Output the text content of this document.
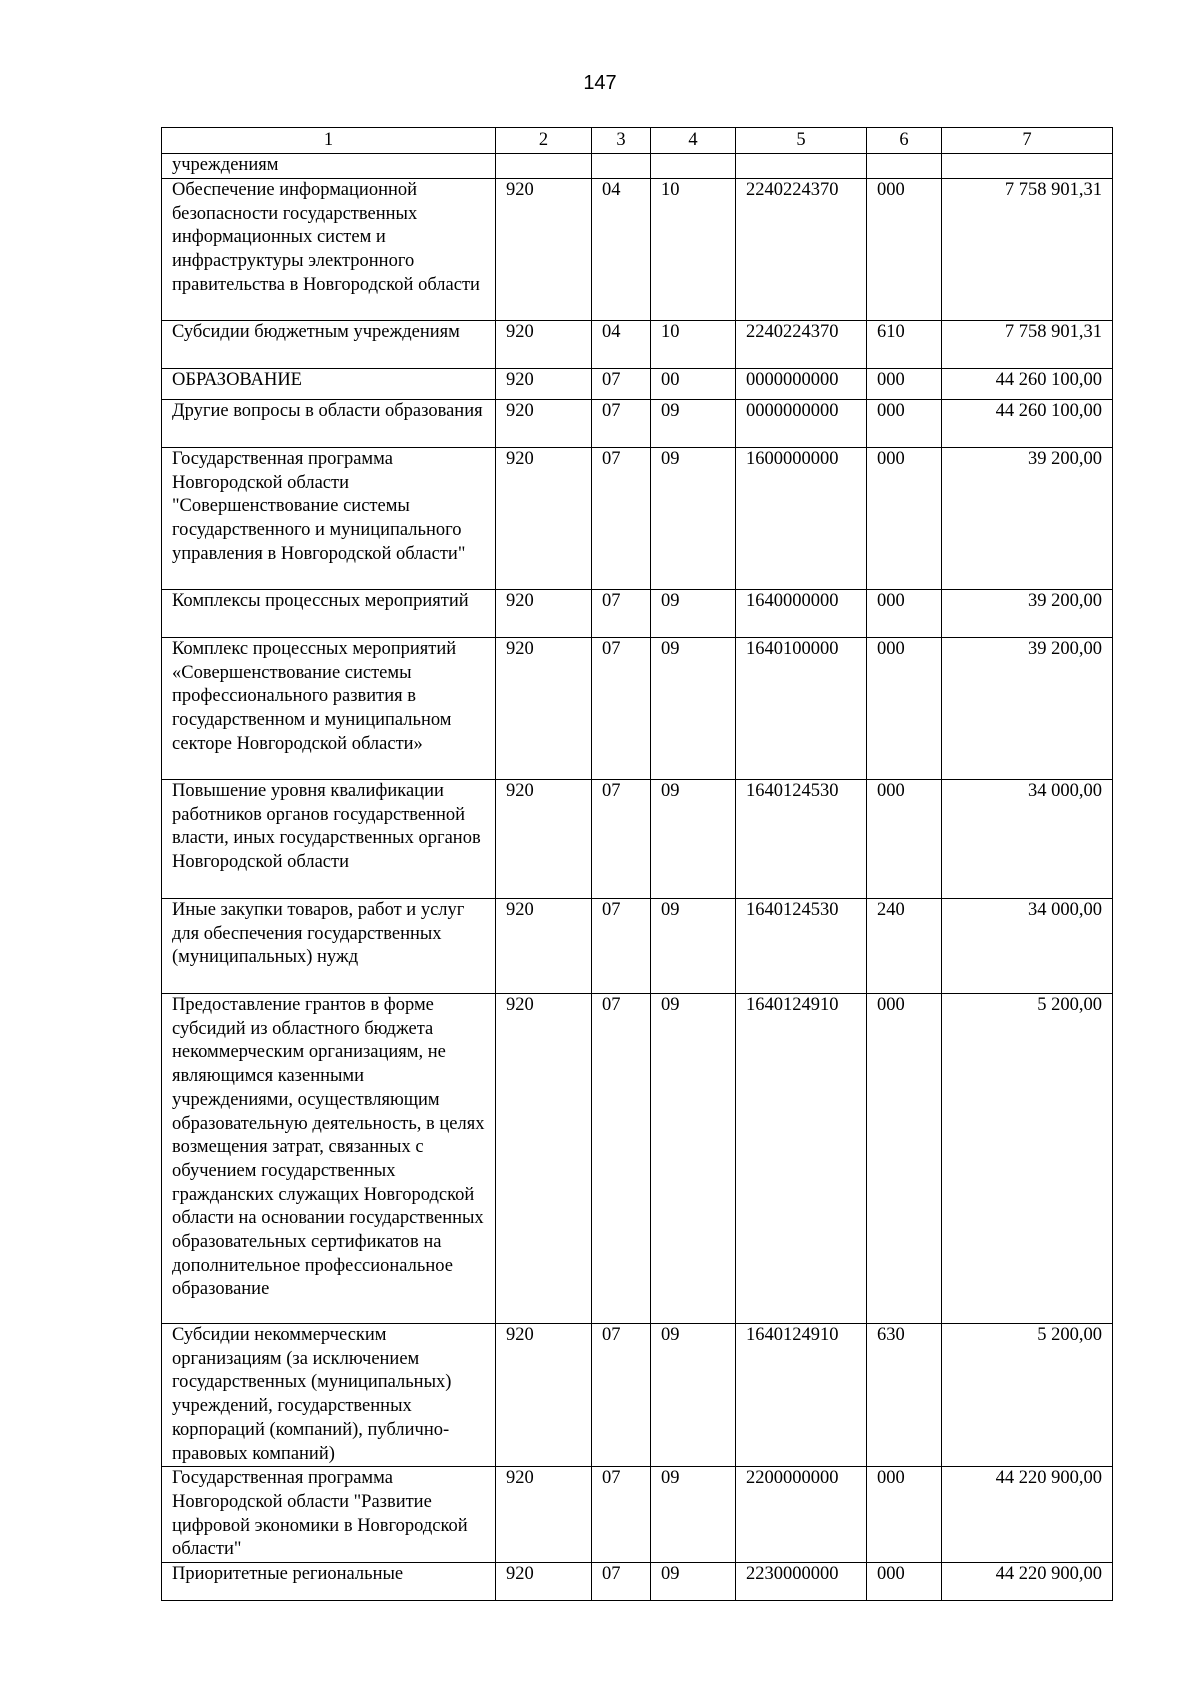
147
1	2	3	4	5	6	7
учреждениям						
Обеспечение информационной безопасности государственных информационных систем и инфраструктуры электронного правительства в Новгородской области	920	04	10	2240224370	000	7 758 901,31
Субсидии бюджетным учреждениям	920	04	10	2240224370	610	7 758 901,31
ОБРАЗОВАНИЕ	920	07	00	0000000000	000	44 260 100,00
Другие вопросы в области образования	920	07	09	0000000000	000	44 260 100,00
Государственная программа Новгородской области "Совершенствование системы государственного и муниципального управления в Новгородской области"	920	07	09	1600000000	000	39 200,00
Комплексы процессных мероприятий	920	07	09	1640000000	000	39 200,00
Комплекс процессных мероприятий «Совершенствование системы профессионального развития в государственном и муниципальном секторе Новгородской области»	920	07	09	1640100000	000	39 200,00
Повышение уровня квалификации работников органов государственной власти, иных государственных органов Новгородской области	920	07	09	1640124530	000	34 000,00
Иные закупки товаров, работ и услуг для обеспечения государственных (муниципальных) нужд	920	07	09	1640124530	240	34 000,00
Предоставление грантов в форме субсидий из областного бюджета некоммерческим организациям, не являющимся казенными учреждениями, осуществляющим образовательную деятельность, в целях возмещения затрат, связанных с обучением государственных гражданских служащих Новгородской области на основании государственных образовательных сертификатов на дополнительное профессиональное образование	920	07	09	1640124910	000	5 200,00
Субсидии некоммерческим организациям (за исключением государственных (муниципальных) учреждений, государственных корпораций (компаний), публично-правовых компаний)	920	07	09	1640124910	630	5 200,00
Государственная программа Новгородской области "Развитие цифровой экономики в Новгородской области"	920	07	09	2200000000	000	44 220 900,00
Приоритетные региональные	920	07	09	2230000000	000	44 220 900,00
